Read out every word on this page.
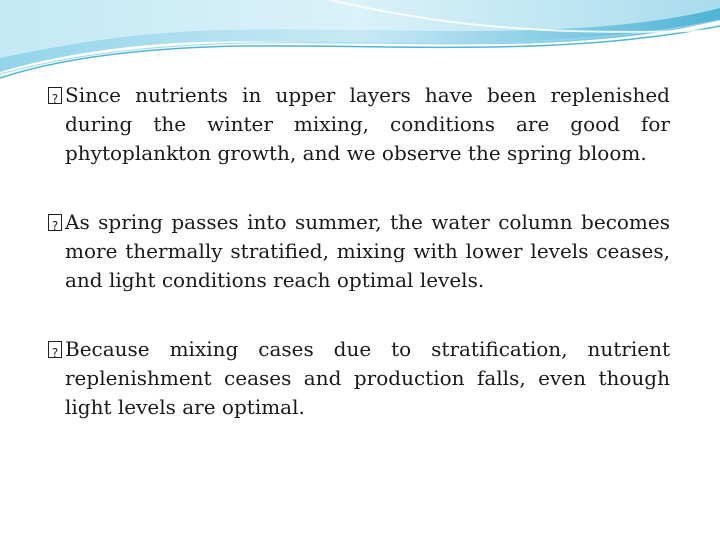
?
Since nutrients in upper layers have been replenished during the winter mixing, conditions are good for phytoplankton growth, and we observe the spring bloom.
?
As spring passes into summer, the water column becomes more thermally stratified, mixing with lower levels ceases, and light conditions reach optimal levels.
?
Because mixing cases due to stratification, nutrient replenishment ceases and production falls, even though light levels are optimal.
